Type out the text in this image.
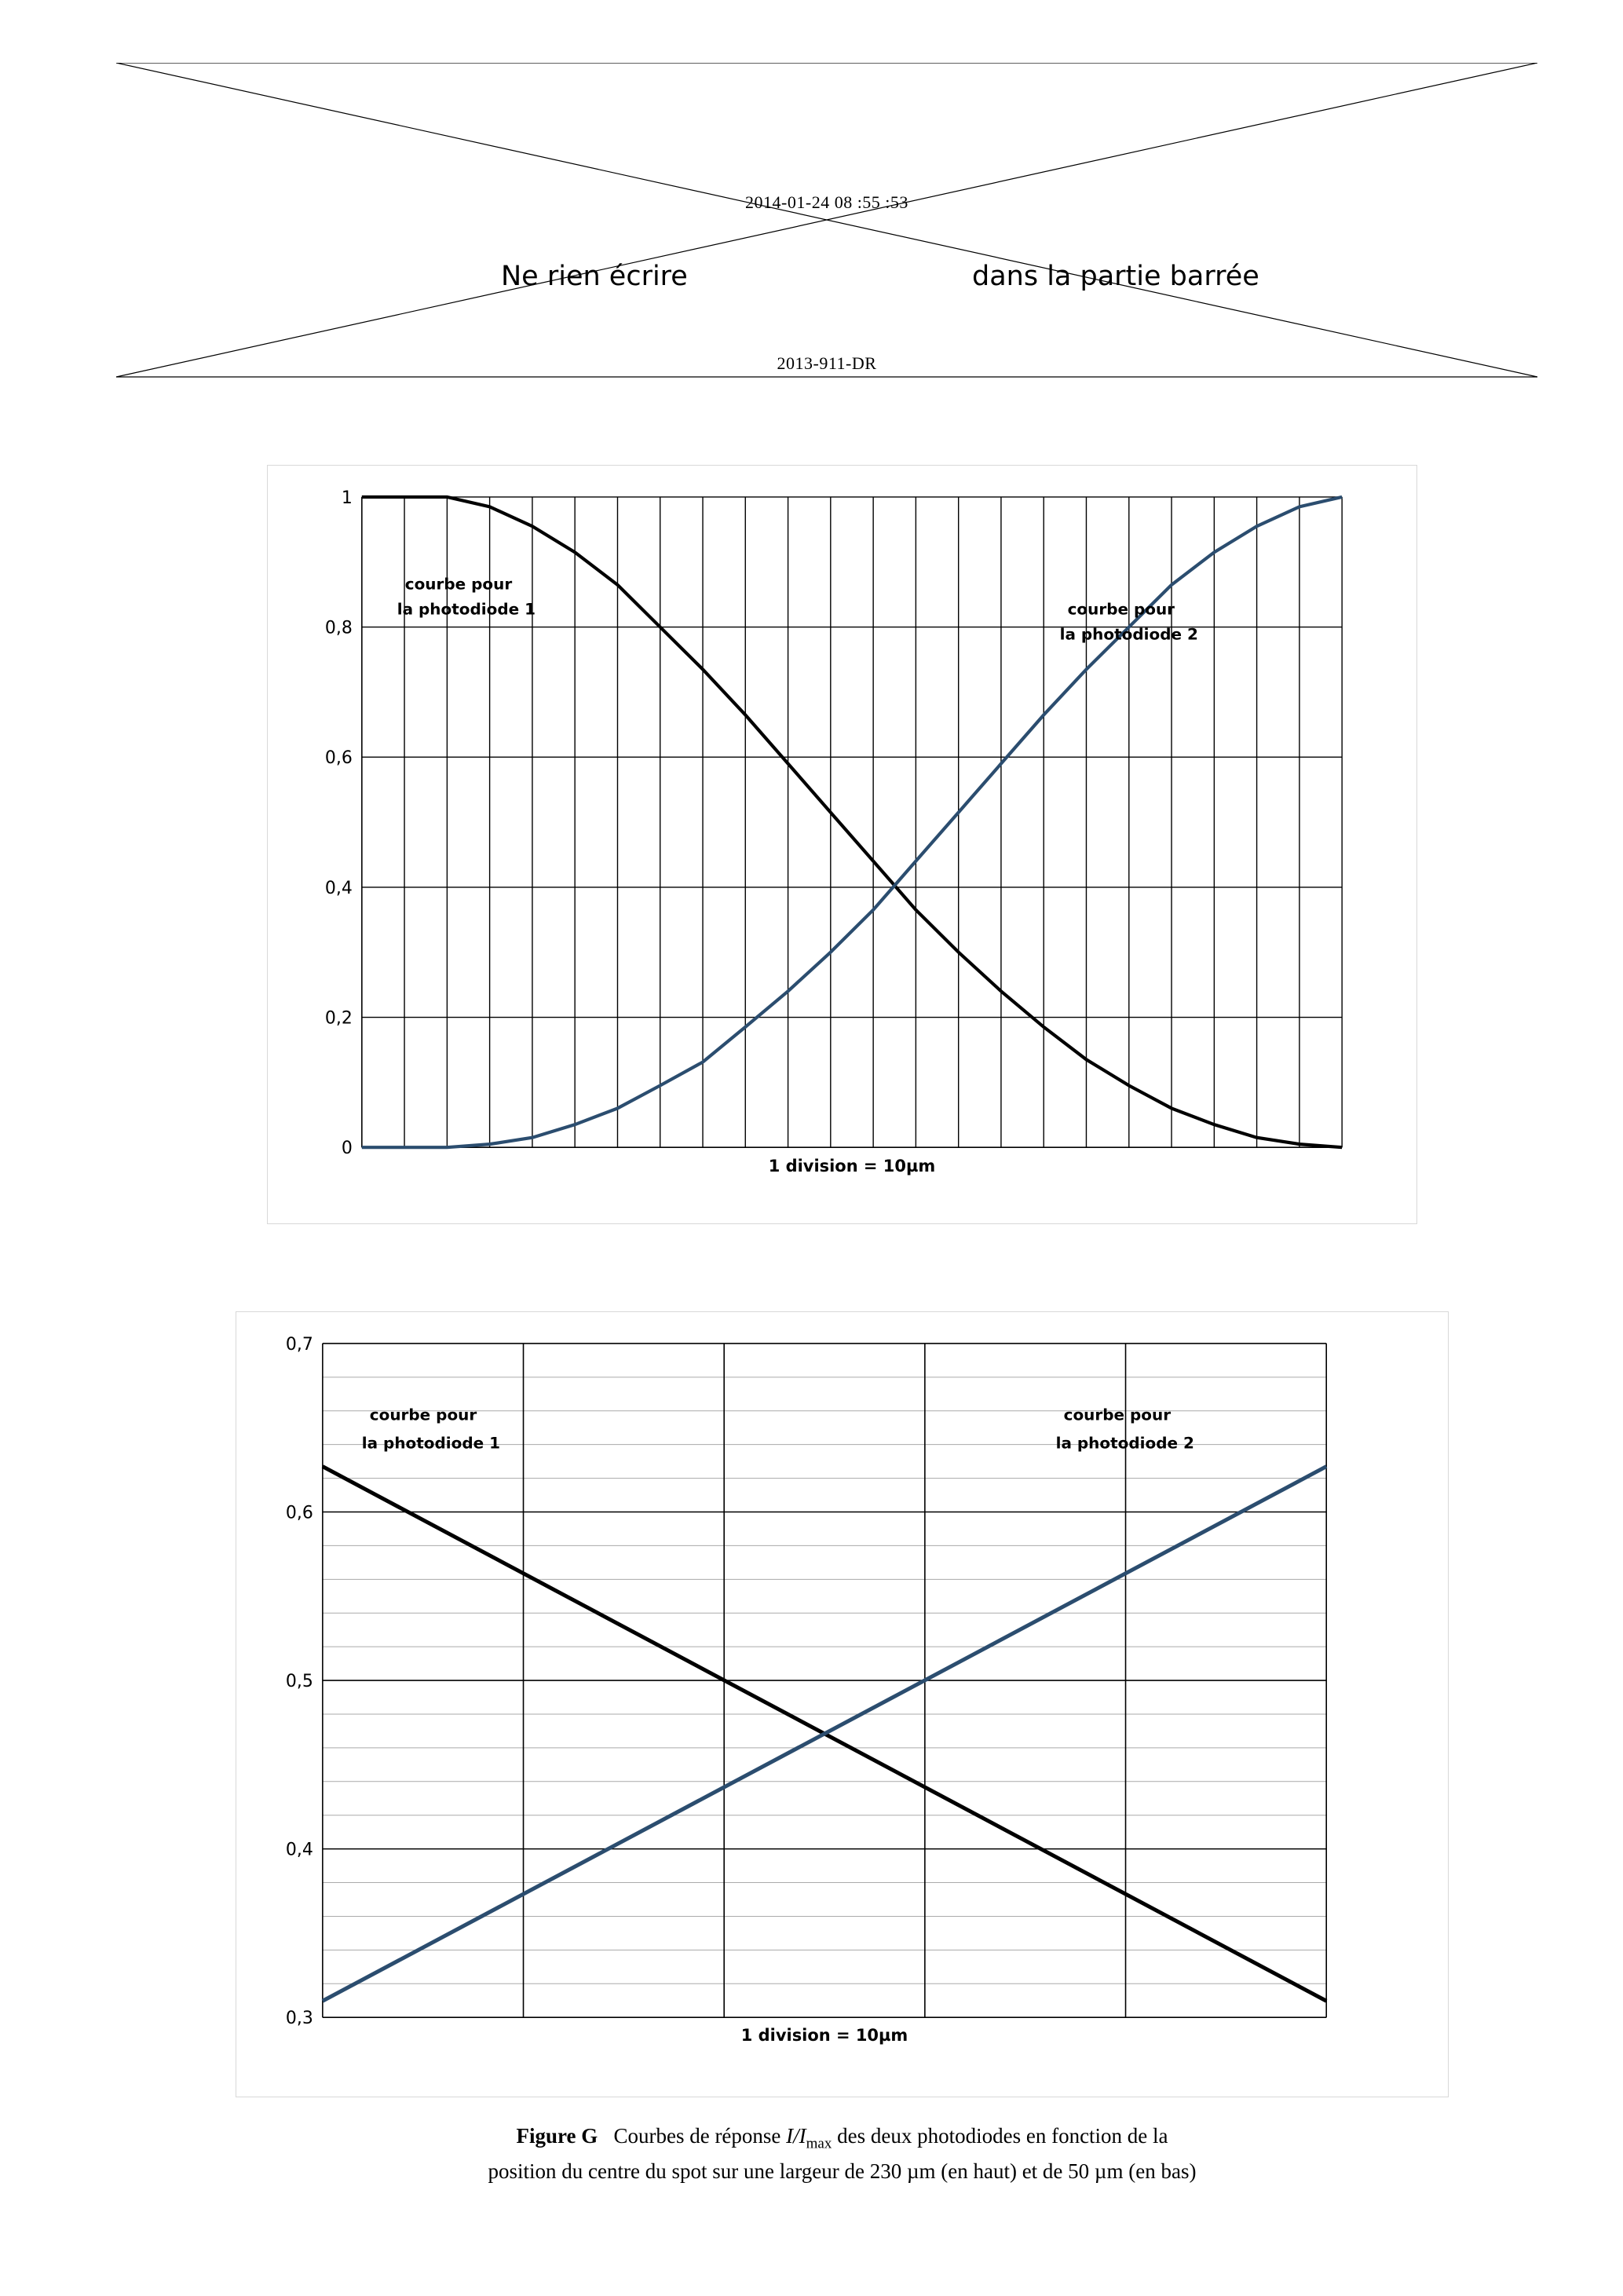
2014-01-24 08 :55 :53
Ne rien écrire	dans la partie barrée
2013-911-DR
1
0,8
0,6
0,4
0,2
0
courbe pour
la photodiode 1	courbe pour
la photodiode 2
1 division = 10µm
0,7
0,6
0,5
0,4
0,3
courbe pour
la photodiode 1
courbe pour
la photodiode 2
1 division = 10µm
Figure G Courbes de réponse $I/I_{max}$ des deux photodiodes en fonction de la
position du centre du spot sur une largeur de 230 µm (en haut) et de 50 µm (en bas)
